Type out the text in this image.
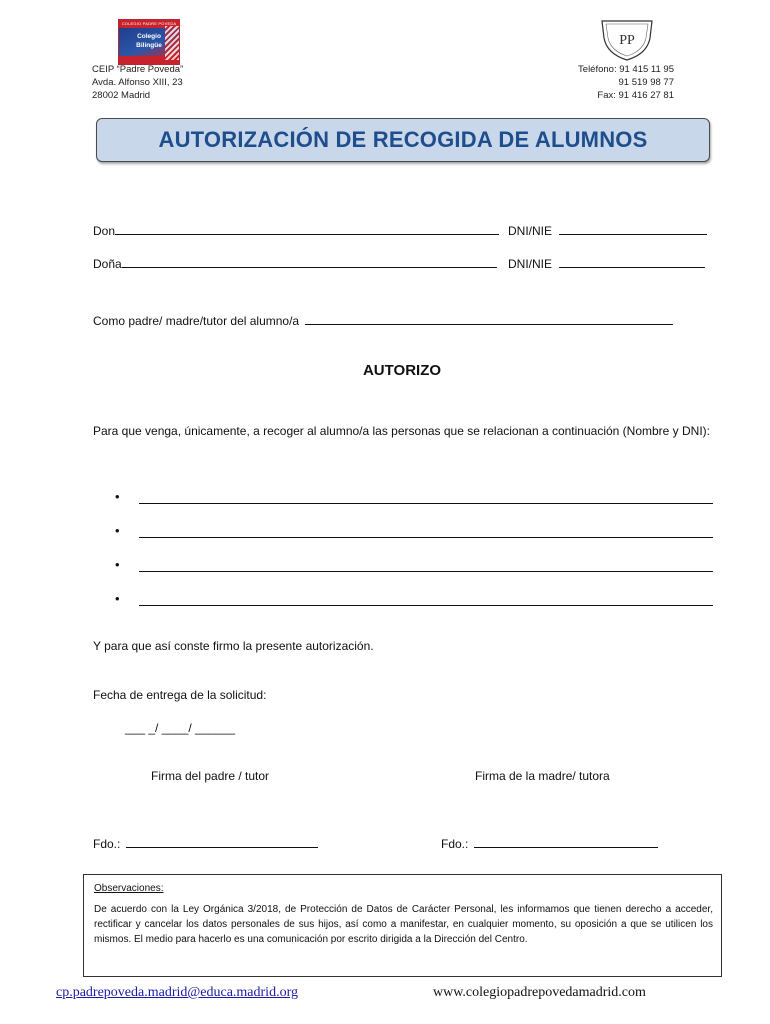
COLEGIO PADRE POVEDA
Colegio
Bilingüe	PP
CEIP “Padre Poveda”
Avda. Alfonso XIII, 23
28002 Madrid
Teléfono: 91 415 11 95
91 519 98 77
Fax: 91 416 27 81
AUTORIZACIÓN DE RECOGIDA DE ALUMNOS
Don	DNI/NIE
Doña	DNI/NIE
Como padre/ madre/tutor del alumno/a
AUTORIZO
Para que venga, únicamente, a recoger al alumno/a las personas que se relacionan a continuación (Nombre y DNI):
•
•
•
•
Y para que así conste firmo la presente autorización.
Fecha de entrega de la solicitud:
___ _/ ____/ ______
Firma del padre / tutor	Firma de la madre/ tutora
Fdo.:	Fdo.:
Observaciones:
De acuerdo con la Ley Orgánica 3/2018, de Protección de Datos de Carácter Personal, les informamos que tienen derecho a acceder, rectificar y cancelar los datos personales de sus hijos, así como a manifestar, en cualquier momento, su oposición a que se utilicen los mismos. El medio para hacerlo es una comunicación por escrito dirigida a la Dirección del Centro.
cp.padrepoveda.madrid@educa.madrid.org	www.colegiopadrepovedamadrid.com
